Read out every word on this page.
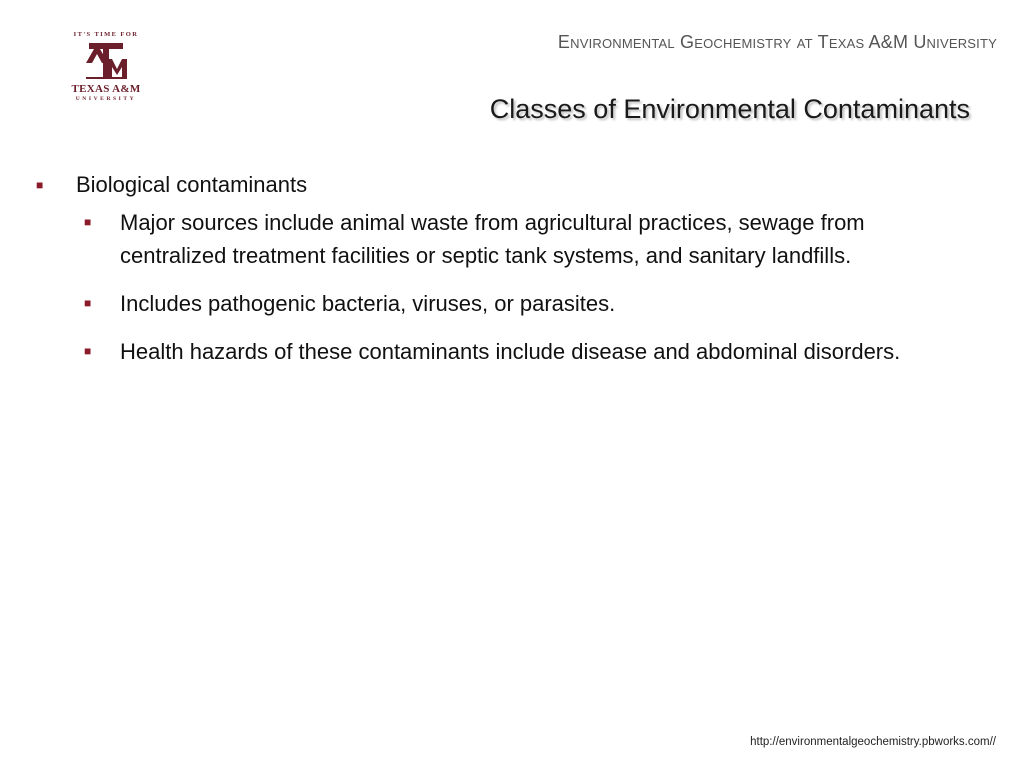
IT'S TIME FOR
TEXAS A&M
UNIVERSITY
Environmental Geochemistry at Texas A&M University
Classes of Environmental Contaminants
■	Biological contaminants
■	Major sources include animal waste from agricultural practices, sewage from centralized treatment facilities or septic tank systems, and sanitary landfills.
■	Includes pathogenic bacteria, viruses, or parasites.
■	Health hazards of these contaminants include disease and abdominal disorders.
http://environmentalgeochemistry.pbworks.com//
